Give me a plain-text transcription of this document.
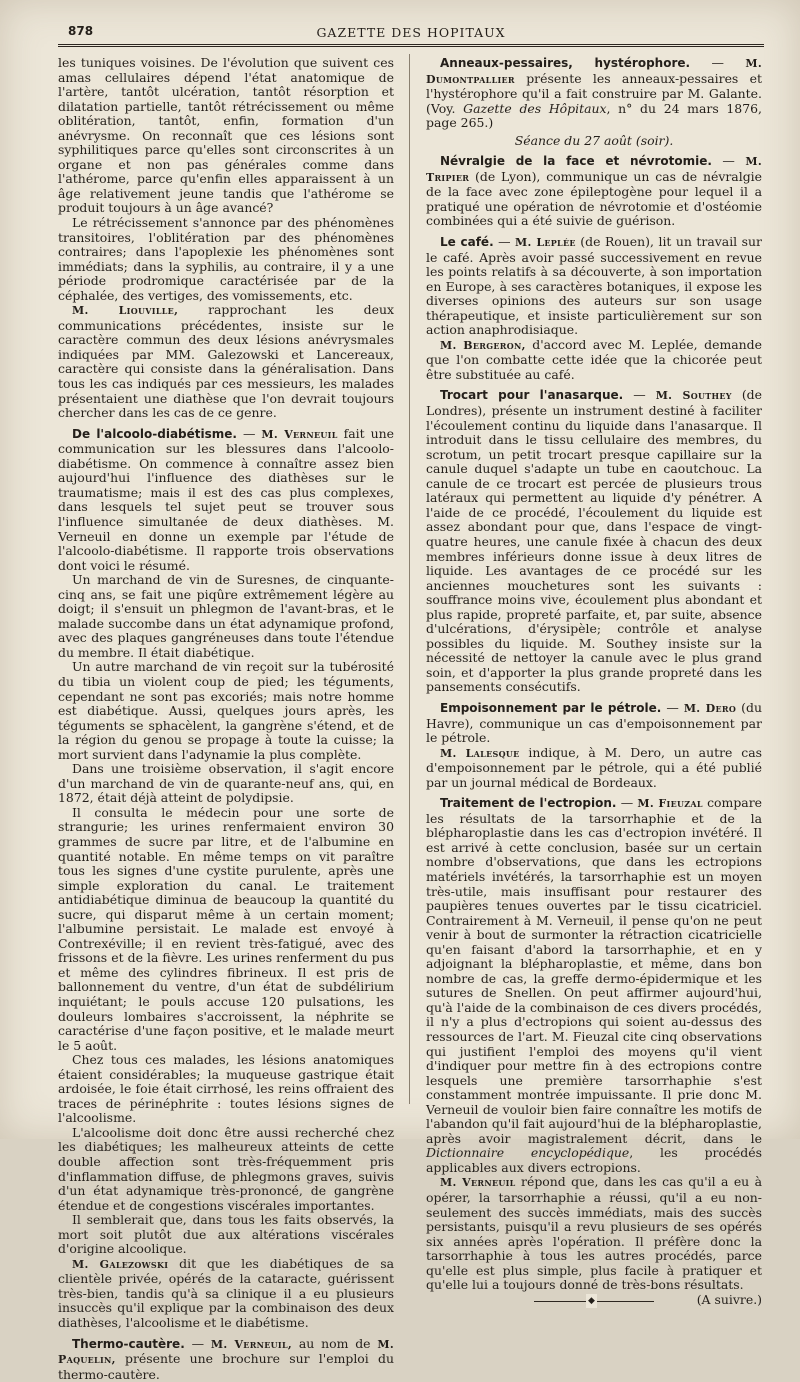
878	GAZETTE DES HOPITAUX

les tuniques voisines. De l'évolution que suivent ces amas cellulaires dépend l'état anatomique de l'artère, tantôt ulcération, tantôt résorption et dilatation partielle, tantôt rétrécissement ou même oblitération, tantôt, enfin, formation d'un anévrysme. On reconnaît que ces lésions sont syphilitiques parce qu'elles sont circonscrites à un organe et non pas générales comme dans l'athérome, parce qu'enfin elles apparaissent à un âge relativement jeune tandis que l'athérome se produit toujours à un âge avancé?

Le rétrécissement s'annonce par des phénomènes transitoires, l'oblitération par des phénomènes contraires; dans l'apoplexie les phénomènes sont immédiats; dans la syphilis, au contraire, il y a une période prodromique caractérisée par de la céphalée, des vertiges, des vomissements, etc.

M. Liouville, rapprochant les deux communications précédentes, insiste sur le caractère commun des deux lésions anévrysmales indiquées par MM. Galezowski et Lancereaux, caractère qui consiste dans la généralisation. Dans tous les cas indiqués par ces messieurs, les malades présentaient une diathèse que l'on devrait toujours chercher dans les cas de ce genre.

De l'alcoolo-diabétisme. — M. Verneuil fait une communication sur les blessures dans l'alcoolo-diabétisme. On commence à connaître assez bien aujourd'hui l'influence des diathèses sur le traumatisme; mais il est des cas plus complexes, dans lesquels tel sujet peut se trouver sous l'influence simultanée de deux diathèses. M. Verneuil en donne un exemple par l'étude de l'alcoolo-diabétisme. Il rapporte trois observations dont voici le résumé.

Un marchand de vin de Suresnes, de cinquante-cinq ans, se fait une piqûre extrêmement légère au doigt; il s'ensuit un phlegmon de l'avant-bras, et le malade succombe dans un état adynamique profond, avec des plaques gangréneuses dans toute l'étendue du membre. Il était diabétique.

Un autre marchand de vin reçoit sur la tubérosité du tibia un violent coup de pied; les téguments, cependant ne sont pas excoriés; mais notre homme est diabétique. Aussi, quelques jours après, les téguments se sphacèlent, la gangrène s'étend, et de la région du genou se propage à toute la cuisse; la mort survient dans l'adynamie la plus complète.

Dans une troisième observation, il s'agit encore d'un marchand de vin de quarante-neuf ans, qui, en 1872, était déjà atteint de polydipsie.

Il consulta le médecin pour une sorte de strangurie; les urines renfermaient environ 30 grammes de sucre par litre, et de l'albumine en quantité notable. En même temps on vit paraître tous les signes d'une cystite purulente, après une simple exploration du canal. Le traitement antidiabétique diminua de beaucoup la quantité du sucre, qui disparut même à un certain moment; l'albumine persistait. Le malade est envoyé à Contrexéville; il en revient très-fatigué, avec des frissons et de la fièvre. Les urines renferment du pus et même des cylindres fibrineux. Il est pris de ballonnement du ventre, d'un état de subdélirium inquiétant; le pouls accuse 120 pulsations, les douleurs lombaires s'accroissent, la néphrite se caractérise d'une façon positive, et le malade meurt le 5 août.

Chez tous ces malades, les lésions anatomiques étaient considérables; la muqueuse gastrique était ardoisée, le foie était cirrhosé, les reins offraient des traces de périnéphrite : toutes lésions signes de l'alcoolisme.

L'alcoolisme doit donc être aussi recherché chez les diabétiques; les malheureux atteints de cette double affection sont très-fréquemment pris d'inflammation diffuse, de phlegmons graves, suivis d'un état adynamique très-prononcé, de gangrène étendue et de congestions viscérales importantes.

Il semblerait que, dans tous les faits observés, la mort soit plutôt due aux altérations viscérales d'origine alcoolique.

M. Galezowski dit que les diabétiques de sa clientèle privée, opérés de la cataracte, guérissent très-bien, tandis qu'à sa clinique il a eu plusieurs insuccès qu'il explique par la combinaison des deux diathèses, l'alcoolisme et le diabétisme.

Thermo-cautère. — M. Verneuil, au nom de M. Paquelin, présente une brochure sur l'emploi du thermo-cautère.

Anneaux-pessaires, hystérophore. — M. Dumontpallier présente les anneaux-pessaires et l'hystérophore qu'il a fait construire par M. Galante. (Voy. Gazette des Hôpitaux, n° du 24 mars 1876, page 265.)

Séance du 27 août (soir).

Névralgie de la face et névrotomie. — M. Tripier (de Lyon), communique un cas de névralgie de la face avec zone épileptogène pour lequel il a pratiqué une opération de névrotomie et d'ostéomie combinées qui a été suivie de guérison.

Le café. — M. Leplée (de Rouen), lit un travail sur le café. Après avoir passé successivement en revue les points relatifs à sa découverte, à son importation en Europe, à ses caractères botaniques, il expose les diverses opinions des auteurs sur son usage thérapeutique, et insiste particulièrement sur son action anaphrodisiaque.

M. Bergeron, d'accord avec M. Leplée, demande que l'on combatte cette idée que la chicorée peut être substituée au café.

Trocart pour l'anasarque. — M. Southey (de Londres), présente un instrument destiné à faciliter l'écoulement continu du liquide dans l'anasarque. Il introduit dans le tissu cellulaire des membres, du scrotum, un petit trocart presque capillaire sur la canule duquel s'adapte un tube en caoutchouc. La canule de ce trocart est percée de plusieurs trous latéraux qui permettent au liquide d'y pénétrer. A l'aide de ce procédé, l'écoulement du liquide est assez abondant pour que, dans l'espace de vingt-quatre heures, une canule fixée à chacun des deux membres inférieurs donne issue à deux litres de liquide. Les avantages de ce procédé sur les anciennes mouchetures sont les suivants : souffrance moins vive, écoulement plus abondant et plus rapide, propreté parfaite, et, par suite, absence d'ulcérations, d'érysipèle; contrôle et analyse possibles du liquide. M. Southey insiste sur la nécessité de nettoyer la canule avec le plus grand soin, et d'apporter la plus grande propreté dans les pansements consécutifs.

Empoisonnement par le pétrole. — M. Dero (du Havre), communique un cas d'empoisonnement par le pétrole.

M. Lalesque indique, à M. Dero, un autre cas d'empoisonnement par le pétrole, qui a été publié par un journal médical de Bordeaux.

Traitement de l'ectropion. — M. Fieuzal compare les résultats de la tarsorrhaphie et de la blépharoplastie dans les cas d'ectropion invétéré. Il est arrivé à cette conclusion, basée sur un certain nombre d'observations, que dans les ectropions matériels invétérés, la tarsorrhaphie est un moyen très-utile, mais insuffisant pour restaurer des paupières tenues ouvertes par le tissu cicatriciel. Contrairement à M. Verneuil, il pense qu'on ne peut venir à bout de surmonter la rétraction cicatricielle qu'en faisant d'abord la tarsorrhaphie, et en y adjoignant la blépharoplastie, et même, dans bon nombre de cas, la greffe dermo-épidermique et les sutures de Snellen. On peut affirmer aujourd'hui, qu'à l'aide de la combinaison de ces divers procédés, il n'y a plus d'ectropions qui soient au-dessus des ressources de l'art. M. Fieuzal cite cinq observations qui justifient l'emploi des moyens qu'il vient d'indiquer pour mettre fin à des ectropions contre lesquels une première tarsorrhaphie s'est constamment montrée impuissante. Il prie donc M. Verneuil de vouloir bien faire connaître les motifs de l'abandon qu'il fait aujourd'hui de la blépharoplastie, après avoir magistralement décrit, dans le Dictionnaire encyclopédique, les procédés applicables aux divers ectropions.

M. Verneuil répond que, dans les cas qu'il a eu à opérer, la tarsorrhaphie a réussi, qu'il a eu non-seulement des succès immédiats, mais des succès persistants, puisqu'il a revu plusieurs de ses opérés six années après l'opération. Il préfère donc la tarsorrhaphie à tous les autres procédés, parce qu'elle est plus simple, plus facile à pratiquer et qu'elle lui a toujours donné de très-bons résultats.
(A suivre.)

◆
